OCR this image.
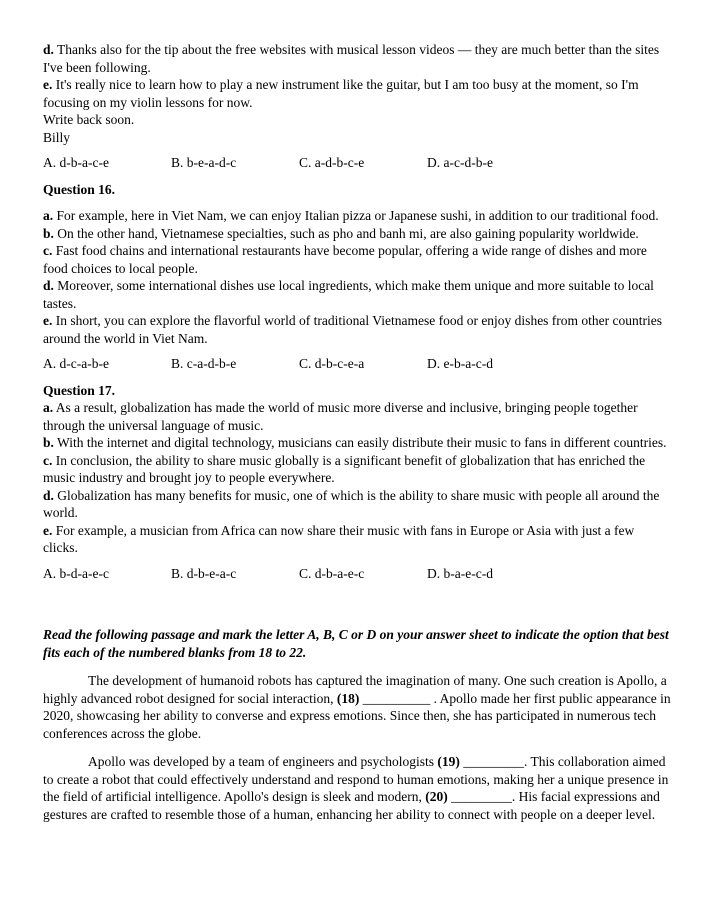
d. Thanks also for the tip about the free websites with musical lesson videos — they are much better than the sites I've been following.

e. It's really nice to learn how to play a new instrument like the guitar, but I am too busy at the moment, so I'm focusing on my violin lessons for now.

Write back soon.

Billy

A. d-b-a-c-e	B. b-e-a-d-c	C. a-d-b-c-e	D. a-c-d-b-e

Question 16.

a. For example, here in Viet Nam, we can enjoy Italian pizza or Japanese sushi, in addition to our traditional food.

b. On the other hand, Vietnamese specialties, such as pho and banh mi, are also gaining popularity worldwide.

c. Fast food chains and international restaurants have become popular, offering a wide range of dishes and more food choices to local people.

d. Moreover, some international dishes use local ingredients, which make them unique and more suitable to local tastes.

e. In short, you can explore the flavorful world of traditional Vietnamese food or enjoy dishes from other countries around the world in Viet Nam.

A. d-c-a-b-e	B. c-a-d-b-e	C. d-b-c-e-a	D. e-b-a-c-d

Question 17.

a. As a result, globalization has made the world of music more diverse and inclusive, bringing people together through the universal language of music.

b. With the internet and digital technology, musicians can easily distribute their music to fans in different countries.

c. In conclusion, the ability to share music globally is a significant benefit of globalization that has enriched the music industry and brought joy to people everywhere.

d. Globalization has many benefits for music, one of which is the ability to share music with people all around the world.

e. For example, a musician from Africa can now share their music with fans in Europe or Asia with just a few clicks.

A. b-d-a-e-c	B. d-b-e-a-c	C. d-b-a-e-c	D. b-a-e-c-d

Read the following passage and mark the letter A, B, C or D on your answer sheet to indicate the option that best fits each of the numbered blanks from 18 to 22.

The development of humanoid robots has captured the imagination of many. One such creation is Apollo, a highly advanced robot designed for social interaction, (18) __________ . Apollo made her first public appearance in 2020, showcasing her ability to converse and express emotions. Since then, she has participated in numerous tech conferences across the globe.

Apollo was developed by a team of engineers and psychologists (19) _________. This collaboration aimed to create a robot that could effectively understand and respond to human emotions, making her a unique presence in the field of artificial intelligence. Apollo's design is sleek and modern, (20) _________. His facial expressions and gestures are crafted to resemble those of a human, enhancing her ability to connect with people on a deeper level.
